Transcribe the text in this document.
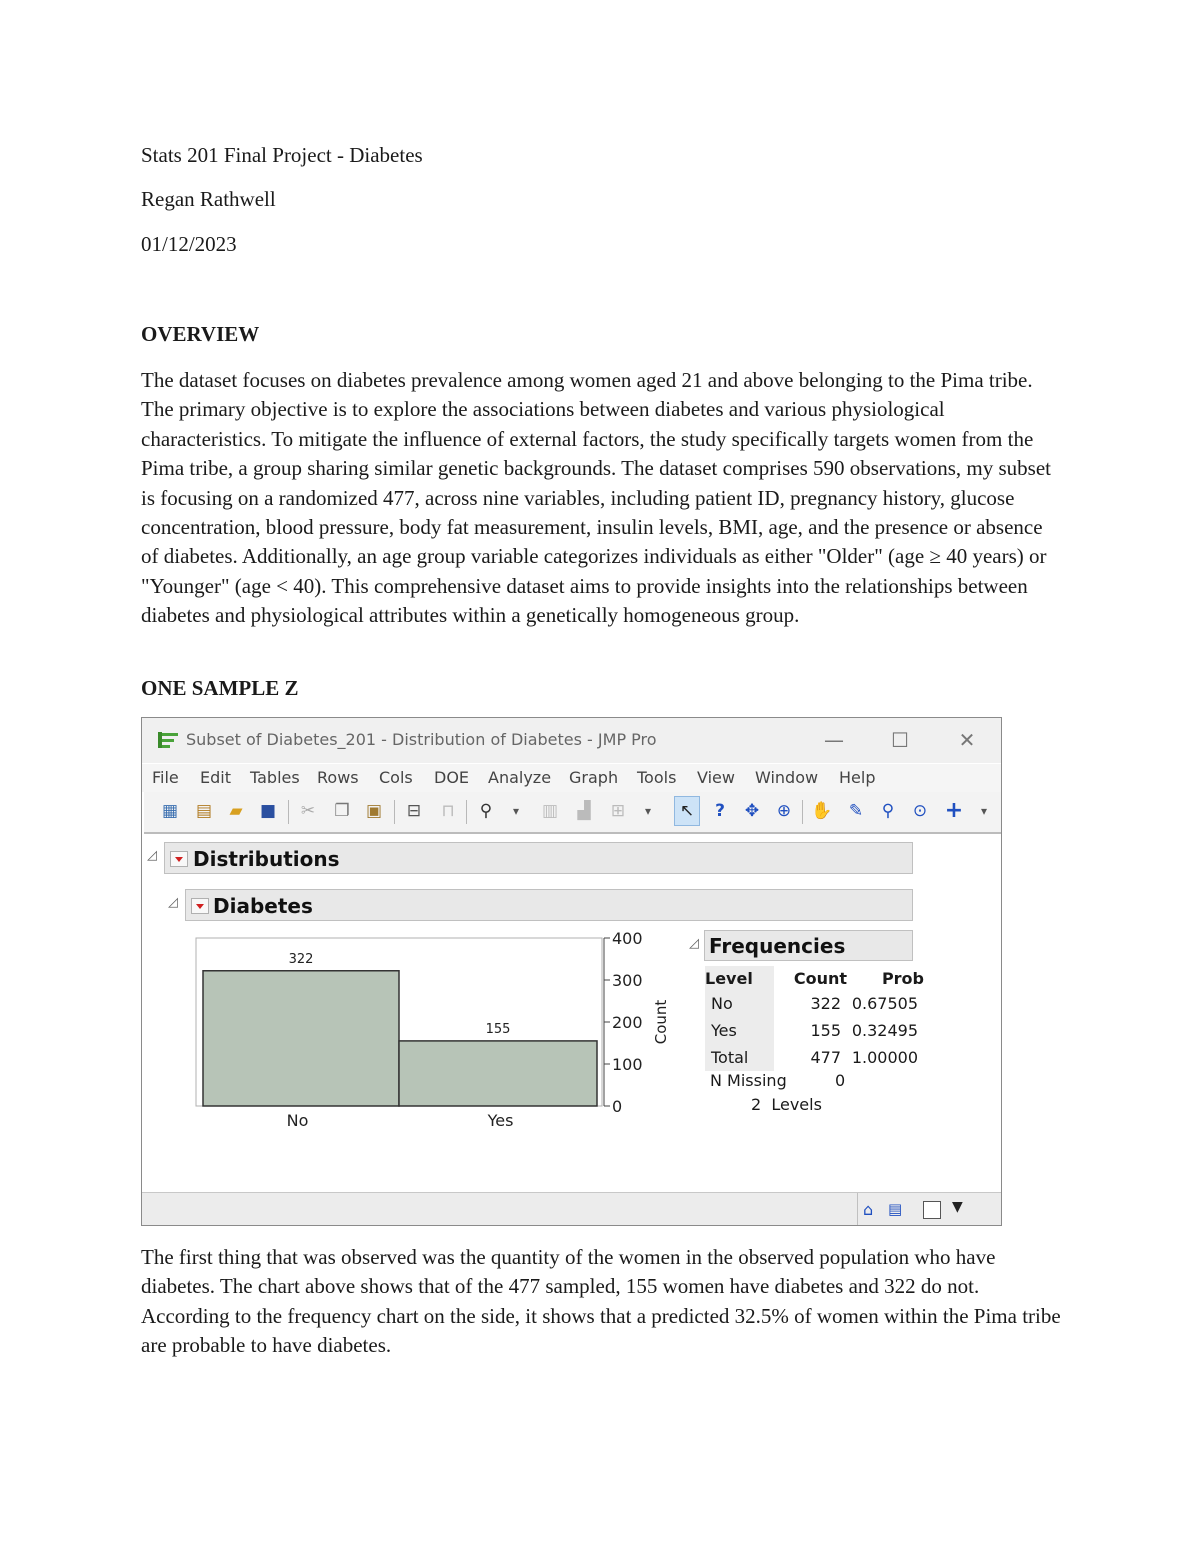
Stats 201 Final Project - Diabetes
Regan Rathwell
01/12/2023
OVERVIEW
The dataset focuses on diabetes prevalence among women aged 21 and above belonging to the Pima tribe. The primary objective is to explore the associations between diabetes and various physiological characteristics. To mitigate the influence of external factors, the study specifically targets women from the Pima tribe, a group sharing similar genetic backgrounds. The dataset comprises 590 observations, my subset is focusing on a randomized 477, across nine variables, including patient ID, pregnancy history, glucose concentration, blood pressure, body fat measurement, insulin levels, BMI, age, and the presence or absence of diabetes. Additionally, an age group variable categorizes individuals as either "Older" (age ≥ 40 years) or "Younger" (age < 40). This comprehensive dataset aims to provide insights into the relationships between diabetes and physiological attributes within a genetically homogeneous group.
ONE SAMPLE Z
The first thing that was observed was the quantity of the women in the observed population who have diabetes. The chart above shows that of the 477 sampled, 155 women have diabetes and 322 do not. According to the frequency chart on the side, it shows that a predicted 32.5% of women within the Pima tribe are probable to have diabetes.
Subset of Diabetes_201 - Distribution of Diabetes - JMP Pro	—	☐	✕
File Edit Tables Rows Cols DOE Analyze Graph Tools View Window Help
▦ ▤	▰	■ ✂ ❐ ▣ ⊟	⊓	⚲	▾	▥	▟	⊞	▾	↖	?	✥ ⊕ ✋ ✎	⚲	⊙ +	▾
◿ Distributions
◿ Diabetes
322
No
155
Yes
400
300
200
100
0
Count
◿ Frequencies
Level	Count	Prob
No	322	0.67505
Yes	155	0.32495
Total	477	1.00000
N Missing	0
2  Levels
⌂ ▤	▼
